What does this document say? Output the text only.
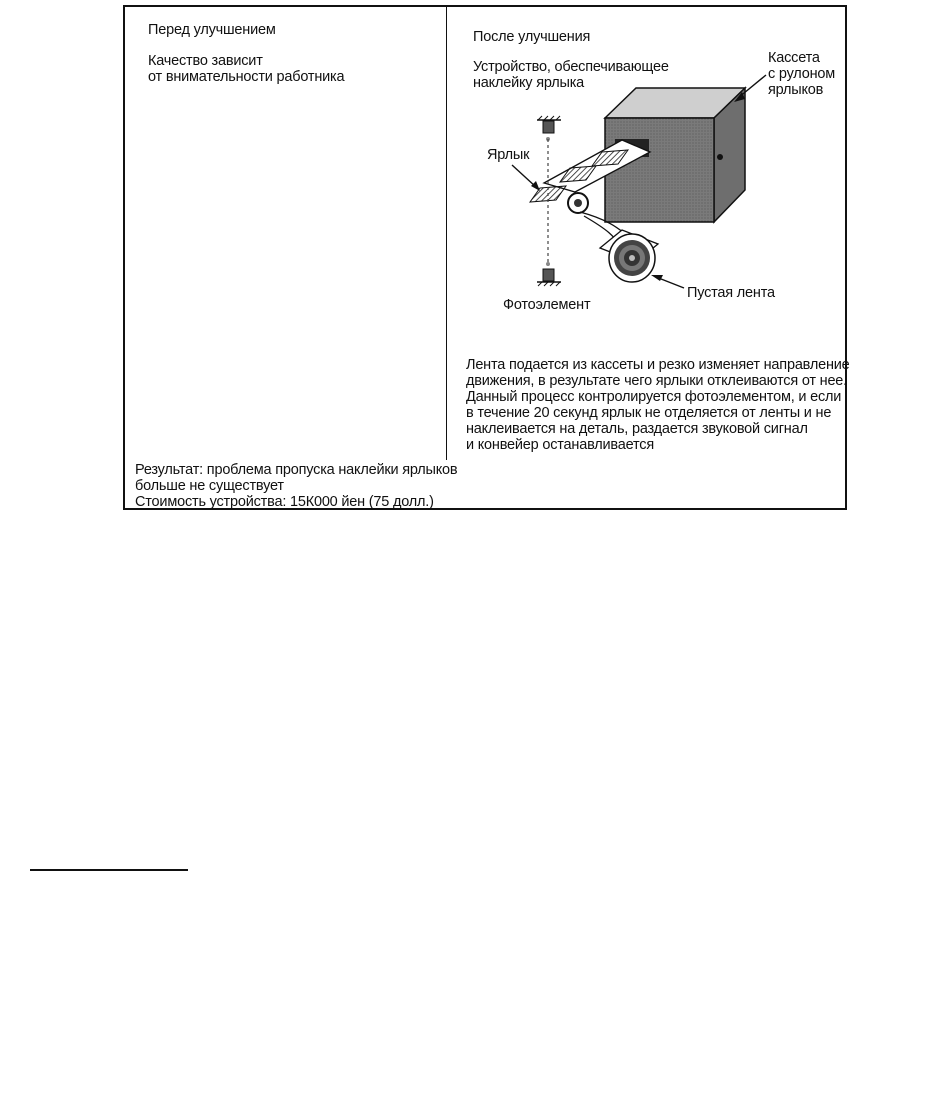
Перед улучшением
Качество зависит
от внимательности работника
После улучшения
Устройство, обеспечивающее
наклейку ярлыка
Кассета
с рулоном
ярлыков
Ярлык
Фотоэлемент
Пустая лента
Лента подается из кассеты и резко изменяет направление
движения, в результате чего ярлыки отклеиваются от нее.
Данный процесс контролируется фотоэлементом, и если
в течение 20 секунд ярлык не отделяется от ленты и не
наклеивается на деталь, раздается звуковой сигнал
и конвейер останавливается
Результат: проблема пропуска наклейки ярлыков
больше не существует
Стоимость устройства: 15К000 йен (75 долл.)
